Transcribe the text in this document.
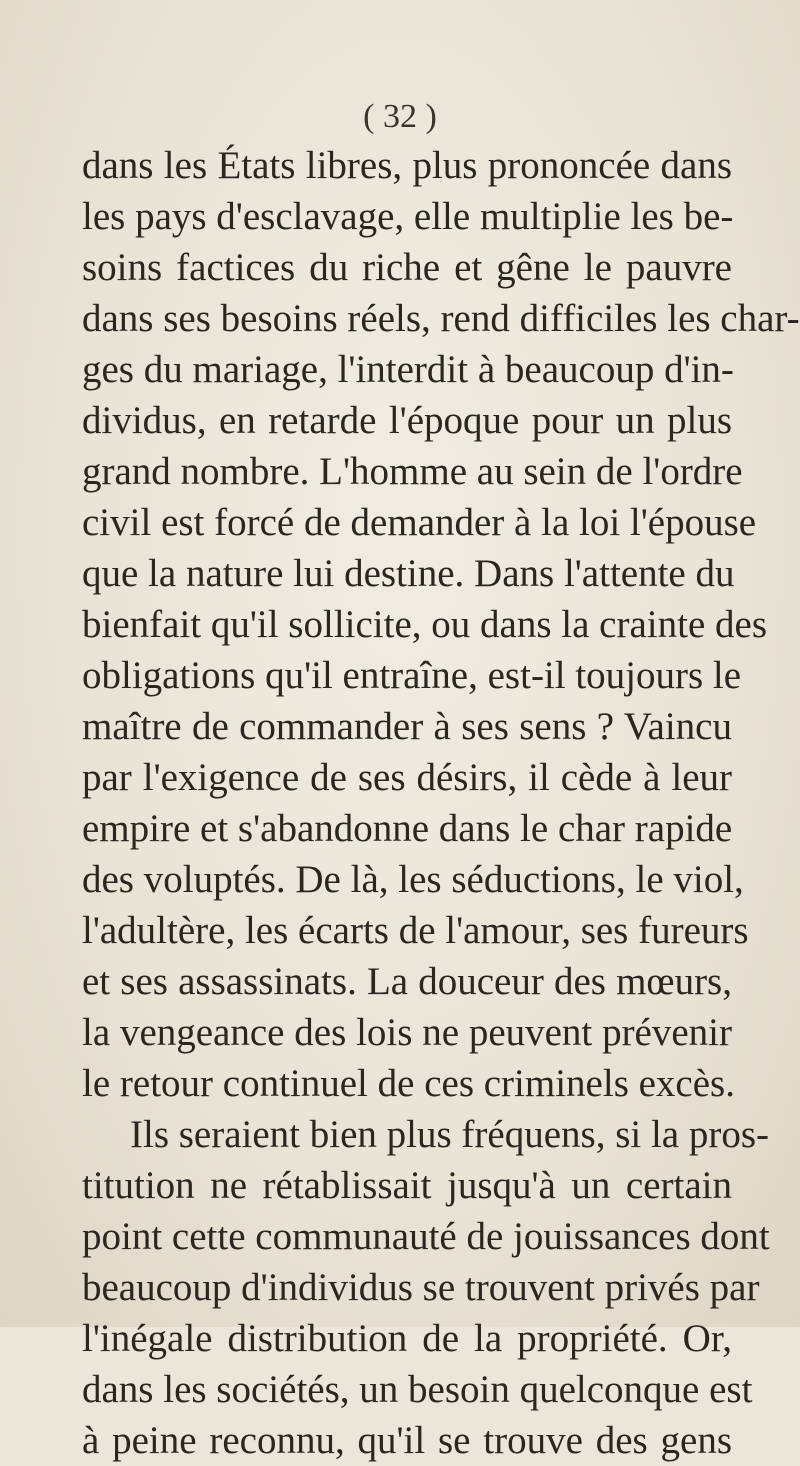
( 32 )
dans les États libres, plus prononcée dans
les pays d'esclavage, elle multiplie les be-
soins factices du riche et gêne le pauvre
dans ses besoins réels, rend difficiles les char-
ges du mariage, l'interdit à beaucoup d'in-
dividus, en retarde l'époque pour un plus
grand nombre. L'homme au sein de l'ordre
civil est forcé de demander à la loi l'épouse
que la nature lui destine. Dans l'attente du
bienfait qu'il sollicite, ou dans la crainte des
obligations qu'il entraîne, est-il toujours le
maître de commander à ses sens ? Vaincu
par l'exigence de ses désirs, il cède à leur
empire et s'abandonne dans le char rapide
des voluptés. De là, les séductions, le viol,
l'adultère, les écarts de l'amour, ses fureurs
et ses assassinats. La douceur des mœurs,
la vengeance des lois ne peuvent prévenir
le retour continuel de ces criminels excès.
Ils seraient bien plus fréquens, si la pros-
titution ne rétablissait jusqu'à un certain
point cette communauté de jouissances dont
beaucoup d'individus se trouvent privés par
l'inégale distribution de la propriété. Or,
dans les sociétés, un besoin quelconque est
à peine reconnu, qu'il se trouve des gens
